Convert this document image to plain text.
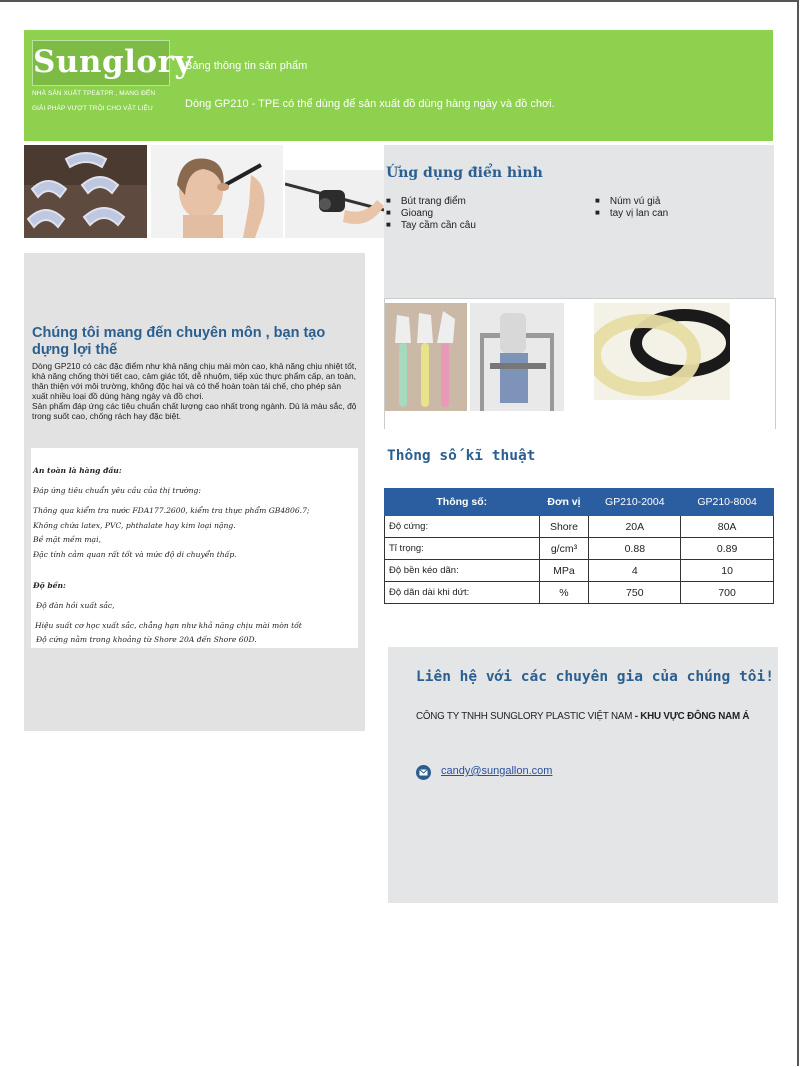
Sunglory
NHÀ SẢN XUẤT TPE&TPR , MANG ĐẾN
GIẢI PHÁP VƯỢT TRỘI CHO VẬT LIỆU
Bảng thông tin sản phẩm
Dòng GP210 - TPE có thể dùng để sản xuất đồ dùng hàng ngày và đồ chơi.
Ứng dụng điển hình
■ Bút trang điểm
■ Gioang
■ Tay cầm cần câu
■ Núm vú giả
■ tay vị lan can
Chúng tôi mang đến chuyên môn , bạn tạo dựng lợi thế
Dòng GP210 có các đặc điểm như khả năng chịu mài mòn cao, khả năng chịu nhiệt tốt, khả năng chống thời tiết cao, cảm giác tốt, dễ nhuộm, tiếp xúc thực phẩm cấp, an toàn, thân thiện với môi trường, không độc hại và có thể hoàn toàn tái chế, cho phép sản xuất nhiều loại đồ dùng hàng ngày và đồ chơi.
Sản phẩm đáp ứng các tiêu chuẩn chất lượng cao nhất trong ngành. Dù là màu sắc, độ trong suốt cao, chống rách hay đặc biệt.
An toàn là hàng đầu:
Đáp ứng tiêu chuẩn yêu cầu của thị trường:
Thông qua kiểm tra nước FDA177.2600, kiểm tra thực phẩm GB4806.7;
Không chứa latex, PVC, phthalate hay kim loại nặng.
Bề mặt mềm mại,
Đặc tính cảm quan rất tốt và mức độ di chuyển thấp.
Độ bền:
Độ đàn hồi xuất sắc,
Hiệu suất cơ học xuất sắc, chẳng hạn như khả năng chịu mài mòn tốt
Độ cứng nằm trong khoảng từ Shore 20A đến Shore 60D.
Thông số kĩ thuật
Thông số:	Đơn vị	GP210-2004	GP210-8004
Độ cứng:	Shore	20A	80A
Tỉ trọng:	g/cm³	0.88	0.89
Độ bền kéo dãn:	MPa	4	10
Độ dãn dài khi dứt:	%	750	700
Liên hệ với các chuyên gia của chúng tôi!
CÔNG TY TNHH SUNGLORY PLASTIC VIỆT NAM - KHU VỰC ĐÔNG NAM Á
candy@sungallon.com
